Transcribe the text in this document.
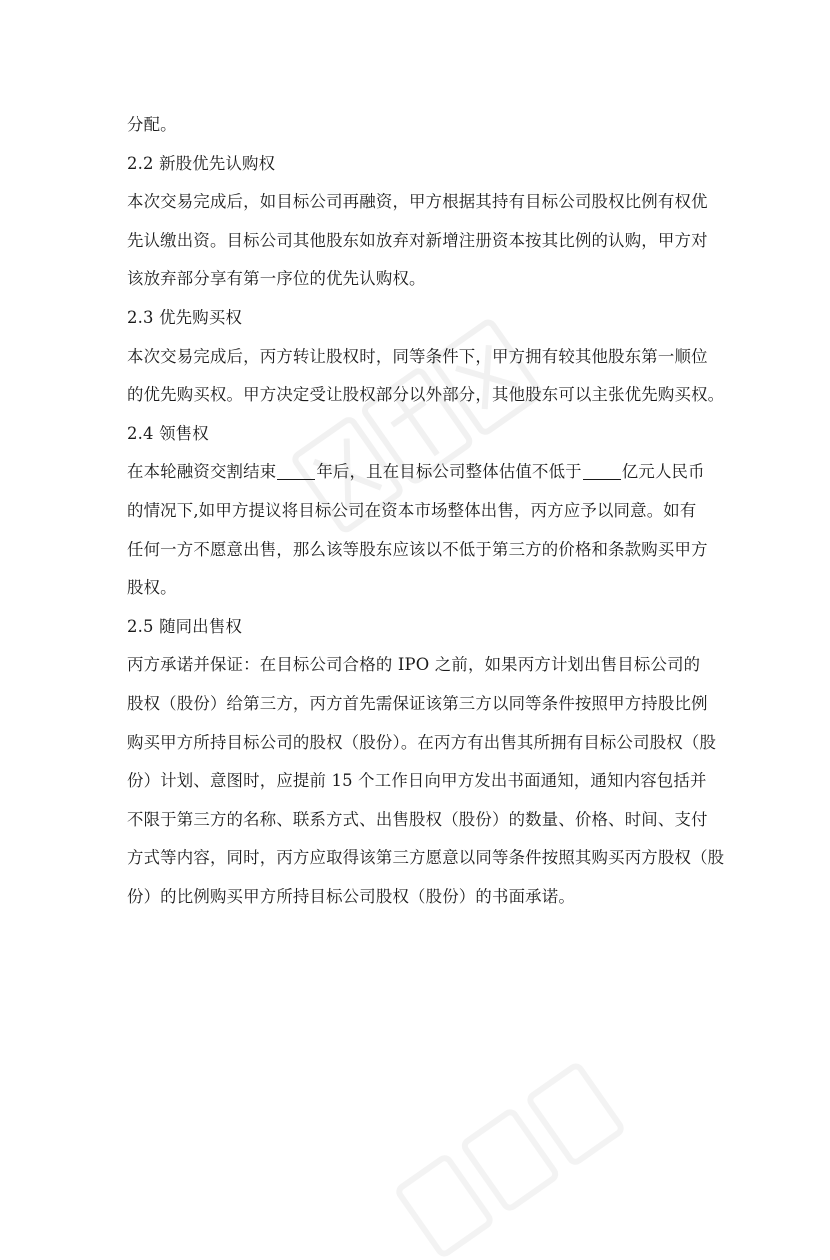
分配。
2.2 新股优先认购权
本次交易完成后，如目标公司再融资，甲方根据其持有目标公司股权比例有权优
先认缴出资。目标公司其他股东如放弃对新增注册资本按其比例的认购，甲方对
该放弃部分享有第一序位的优先认购权。
2.3 优先购买权
本次交易完成后，丙方转让股权时，同等条件下，甲方拥有较其他股东第一顺位
的优先购买权。甲方决定受让股权部分以外部分，其他股东可以主张优先购买权。
2.4 领售权
在本轮融资交割结束 年后，且在目标公司整体估值不低于 亿元人民币
的情况下,如甲方提议将目标公司在资本市场整体出售，丙方应予以同意。如有
任何一方不愿意出售，那么该等股东应该以不低于第三方的价格和条款购买甲方
股权。
2.5 随同出售权
丙方承诺并保证：在目标公司合格的 IPO 之前，如果丙方计划出售目标公司的
股权（股份）给第三方，丙方首先需保证该第三方以同等条件按照甲方持股比例
购买甲方所持目标公司的股权（股份）。在丙方有出售其所拥有目标公司股权（股
份）计划、意图时，应提前 15 个工作日向甲方发出书面通知，通知内容包括并
不限于第三方的名称、联系方式、出售股权（股份）的数量、价格、时间、支付
方式等内容，同时，丙方应取得该第三方愿意以同等条件按照其购买丙方股权（股
份）的比例购买甲方所持目标公司股权（股份）的书面承诺。
